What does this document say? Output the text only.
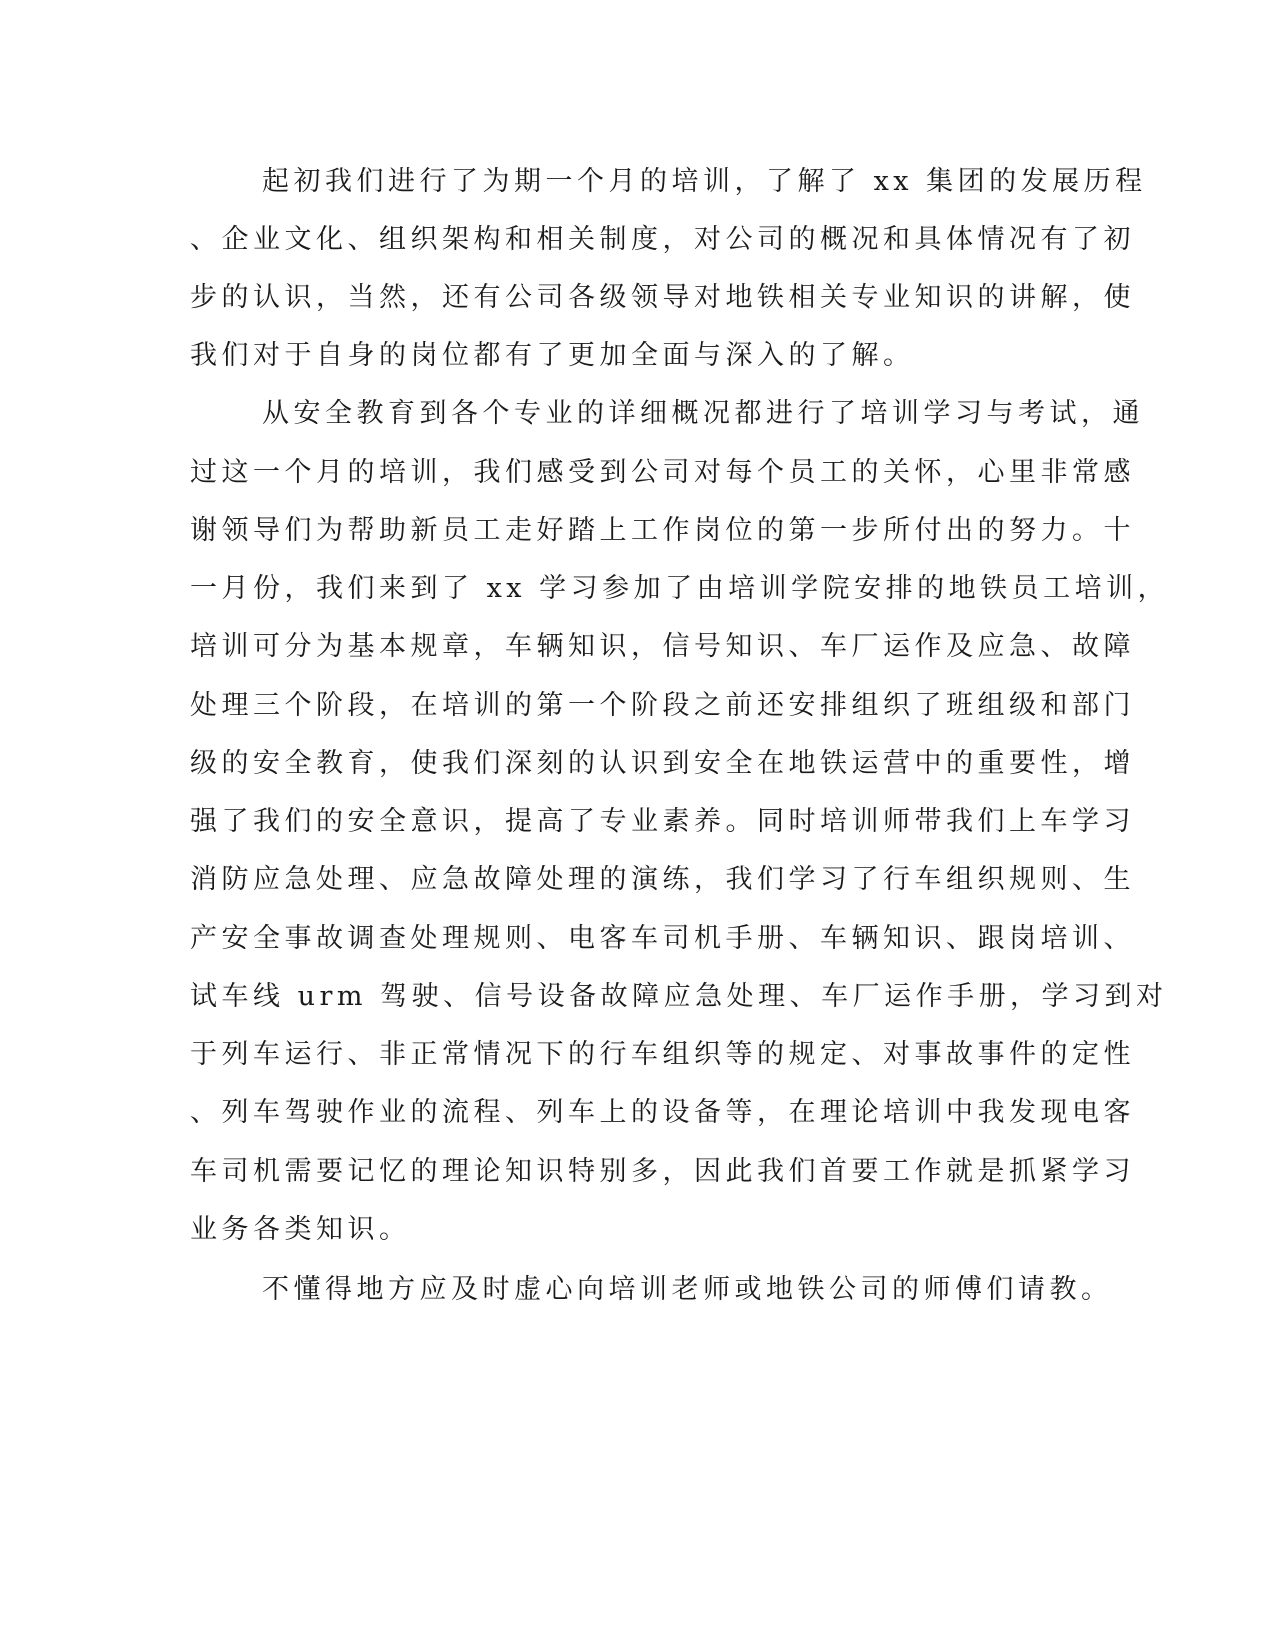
起初我们进行了为期一个月的培训，了解了 xx 集团的发展历程

、企业文化、组织架构和相关制度，对公司的概况和具体情况有了初

步的认识，当然，还有公司各级领导对地铁相关专业知识的讲解，使

我们对于自身的岗位都有了更加全面与深入的了解。

从安全教育到各个专业的详细概况都进行了培训学习与考试，通

过这一个月的培训，我们感受到公司对每个员工的关怀，心里非常感

谢领导们为帮助新员工走好踏上工作岗位的第一步所付出的努力。十

一月份，我们来到了 xx 学习参加了由培训学院安排的地铁员工培训，

培训可分为基本规章，车辆知识，信号知识、车厂运作及应急、故障

处理三个阶段，在培训的第一个阶段之前还安排组织了班组级和部门

级的安全教育，使我们深刻的认识到安全在地铁运营中的重要性，增

强了我们的安全意识，提高了专业素养。同时培训师带我们上车学习

消防应急处理、应急故障处理的演练，我们学习了行车组织规则、生

产安全事故调查处理规则、电客车司机手册、车辆知识、跟岗培训、

试车线 urm 驾驶、信号设备故障应急处理、车厂运作手册，学习到对

于列车运行、非正常情况下的行车组织等的规定、对事故事件的定性

、列车驾驶作业的流程、列车上的设备等，在理论培训中我发现电客

车司机需要记忆的理论知识特别多，因此我们首要工作就是抓紧学习

业务各类知识。

不懂得地方应及时虚心向培训老师或地铁公司的师傅们请教。
